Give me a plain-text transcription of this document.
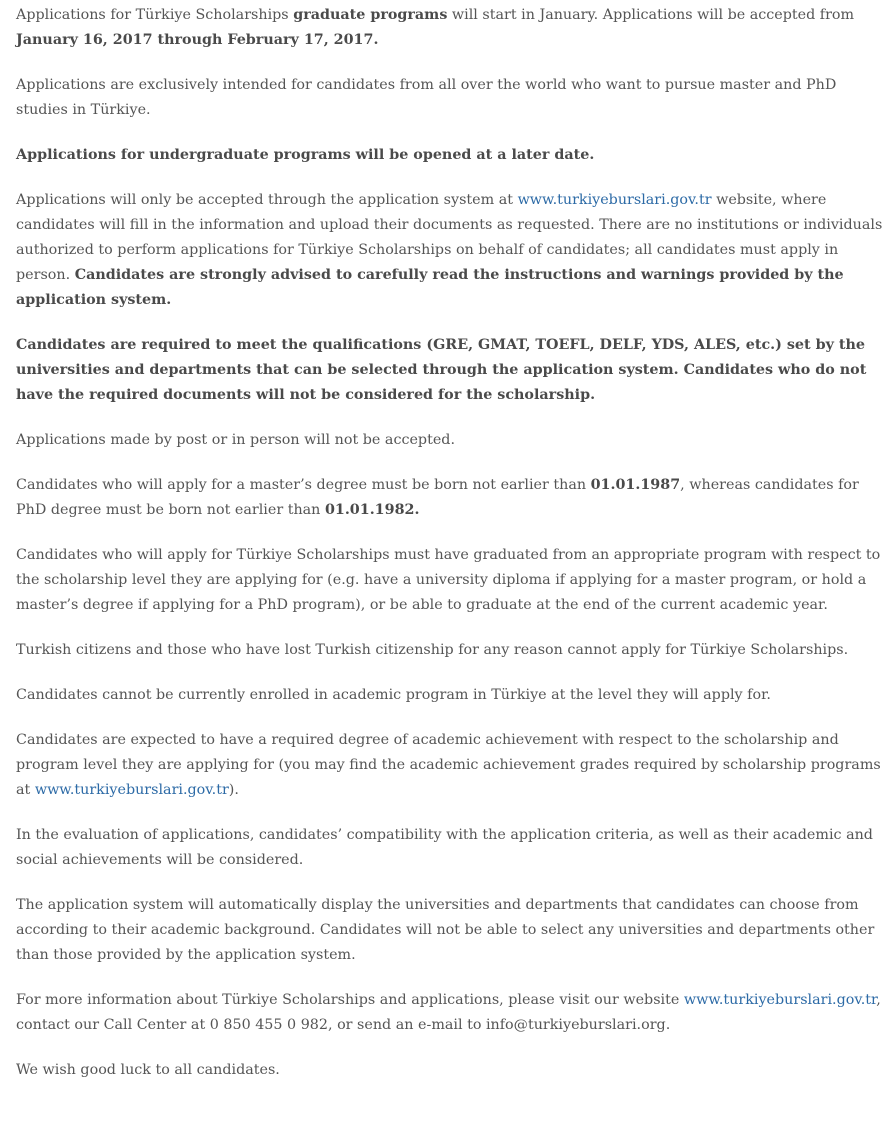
Applications for Türkiye Scholarships graduate programs will start in January. Applications will be accepted from January 16, 2017 through February 17, 2017.

Applications are exclusively intended for candidates from all over the world who want to pursue master and PhD studies in Türkiye.

Applications for undergraduate programs will be opened at a later date.

Applications will only be accepted through the application system at www.turkiyeburslari.gov.tr website, where candidates will fill in the information and upload their documents as requested. There are no institutions or individuals authorized to perform applications for Türkiye Scholarships on behalf of candidates; all candidates must apply in person. Candidates are strongly advised to carefully read the instructions and warnings provided by the application system.

Candidates are required to meet the qualifications (GRE, GMAT, TOEFL, DELF, YDS, ALES, etc.) set by the universities and departments that can be selected through the application system. Candidates who do not have the required documents will not be considered for the scholarship.

Applications made by post or in person will not be accepted.

Candidates who will apply for a master’s degree must be born not earlier than 01.01.1987, whereas candidates for PhD degree must be born not earlier than 01.01.1982.

Candidates who will apply for Türkiye Scholarships must have graduated from an appropriate program with respect to the scholarship level they are applying for (e.g. have a university diploma if applying for a master program, or hold a master’s degree if applying for a PhD program), or be able to graduate at the end of the current academic year.

Turkish citizens and those who have lost Turkish citizenship for any reason cannot apply for Türkiye Scholarships.

Candidates cannot be currently enrolled in academic program in Türkiye at the level they will apply for.

Candidates are expected to have a required degree of academic achievement with respect to the scholarship and program level they are applying for (you may find the academic achievement grades required by scholarship programs at www.turkiyeburslari.gov.tr).

In the evaluation of applications, candidates’ compatibility with the application criteria, as well as their academic and social achievements will be considered.

The application system will automatically display the universities and departments that candidates can choose from according to their academic background. Candidates will not be able to select any universities and departments other than those provided by the application system.

For more information about Türkiye Scholarships and applications, please visit our website www.turkiyeburslari.gov.tr, contact our Call Center at 0 850 455 0 982, or send an e-mail to info@turkiyeburslari.org.

We wish good luck to all candidates.
